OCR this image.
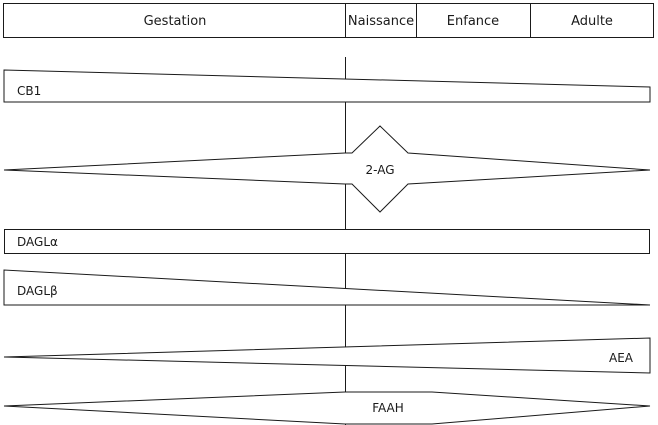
Gestation	Naissance	Enfance	Adulte
CB1
2-AG
DAGLα
DAGLβ
AEA
FAAH
